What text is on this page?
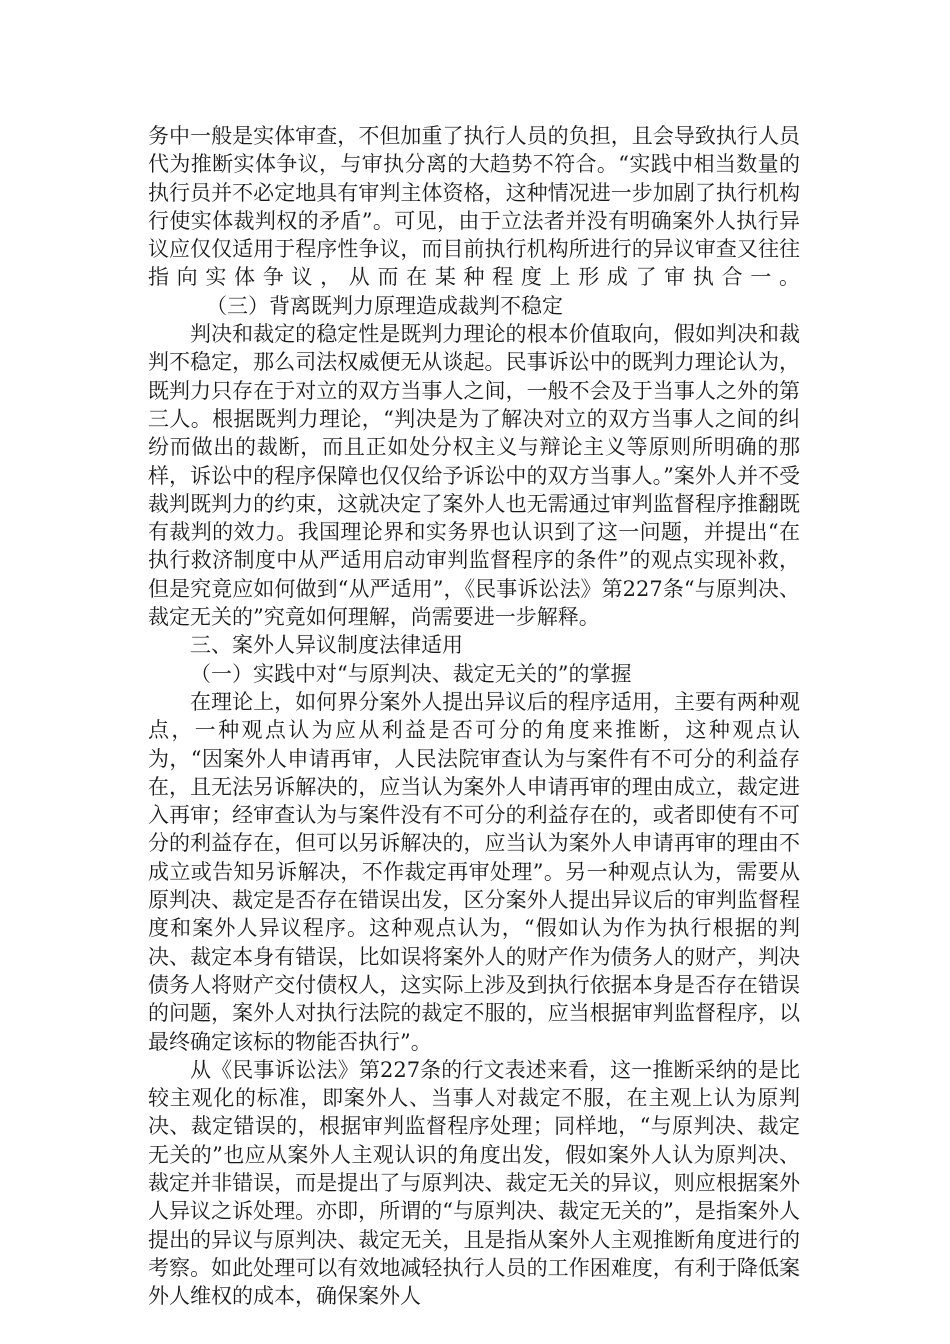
务中一般是实体审查，不但加重了执行人员的负担，且会导致执行人员代为推断实体争议，与审执分离的大趋势不符合。“实践中相当数量的执行员并不必定地具有审判主体资格，这种情况进一步加剧了执行机构行使实体裁判权的矛盾”。可见，由于立法者并没有明确案外人执行异议应仅仅适用于程序性争议，而目前执行机构所进行的异议审查又往往指向实体争议，从而在某种程度上形成了审执合一。（三）背离既判力原理造成裁判不稳定

判决和裁定的稳定性是既判力理论的根本价值取向，假如判决和裁判不稳定，那么司法权威便无从谈起。民事诉讼中的既判力理论认为，既判力只存在于对立的双方当事人之间，一般不会及于当事人之外的第三人。根据既判力理论，“判决是为了解决对立的双方当事人之间的纠纷而做出的裁断，而且正如处分权主义与辩论主义等原则所明确的那样，诉讼中的程序保障也仅仅给予诉讼中的双方当事人。”案外人并不受裁判既判力的约束，这就决定了案外人也无需通过审判监督程序推翻既有裁判的效力。我国理论界和实务界也认识到了这一问题，并提出“在执行救济制度中从严适用启动审判监督程序的条件”的观点实现补救，但是究竟应如何做到“从严适用”，《民事诉讼法》第227条“与原判决、裁定无关的”究竟如何理解，尚需要进一步解释。

三、案外人异议制度法律适用

（一）实践中对“与原判决、裁定无关的”的掌握

在理论上，如何界分案外人提出异议后的程序适用，主要有两种观点，一种观点认为应从利益是否可分的角度来推断，这种观点认为，“因案外人申请再审，人民法院审查认为与案件有不可分的利益存在，且无法另诉解决的，应当认为案外人申请再审的理由成立，裁定进入再审；经审查认为与案件没有不可分的利益存在的，或者即使有不可分的利益存在，但可以另诉解决的，应当认为案外人申请再审的理由不成立或告知另诉解决，不作裁定再审处理”。另一种观点认为，需要从原判决、裁定是否存在错误出发，区分案外人提出异议后的审判监督程度和案外人异议程序。这种观点认为，“假如认为作为执行根据的判决、裁定本身有错误，比如误将案外人的财产作为债务人的财产，判决债务人将财产交付债权人，这实际上涉及到执行依据本身是否存在错误的问题，案外人对执行法院的裁定不服的，应当根据审判监督程序，以最终确定该标的物能否执行”。

从《民事诉讼法》第227条的行文表述来看，这一推断采纳的是比较主观化的标准，即案外人、当事人对裁定不服，在主观上认为原判决、裁定错误的，根据审判监督程序处理；同样地，“与原判决、裁定无关的”也应从案外人主观认识的角度出发，假如案外人认为原判决、裁定并非错误，而是提出了与原判决、裁定无关的异议，则应根据案外人异议之诉处理。亦即，所谓的“与原判决、裁定无关的”，是指案外人提出的异议与原判决、裁定无关，且是指从案外人主观推断角度进行的考察。如此处理可以有效地减轻执行人员的工作困难度，有利于降低案外人维权的成本，确保案外人
